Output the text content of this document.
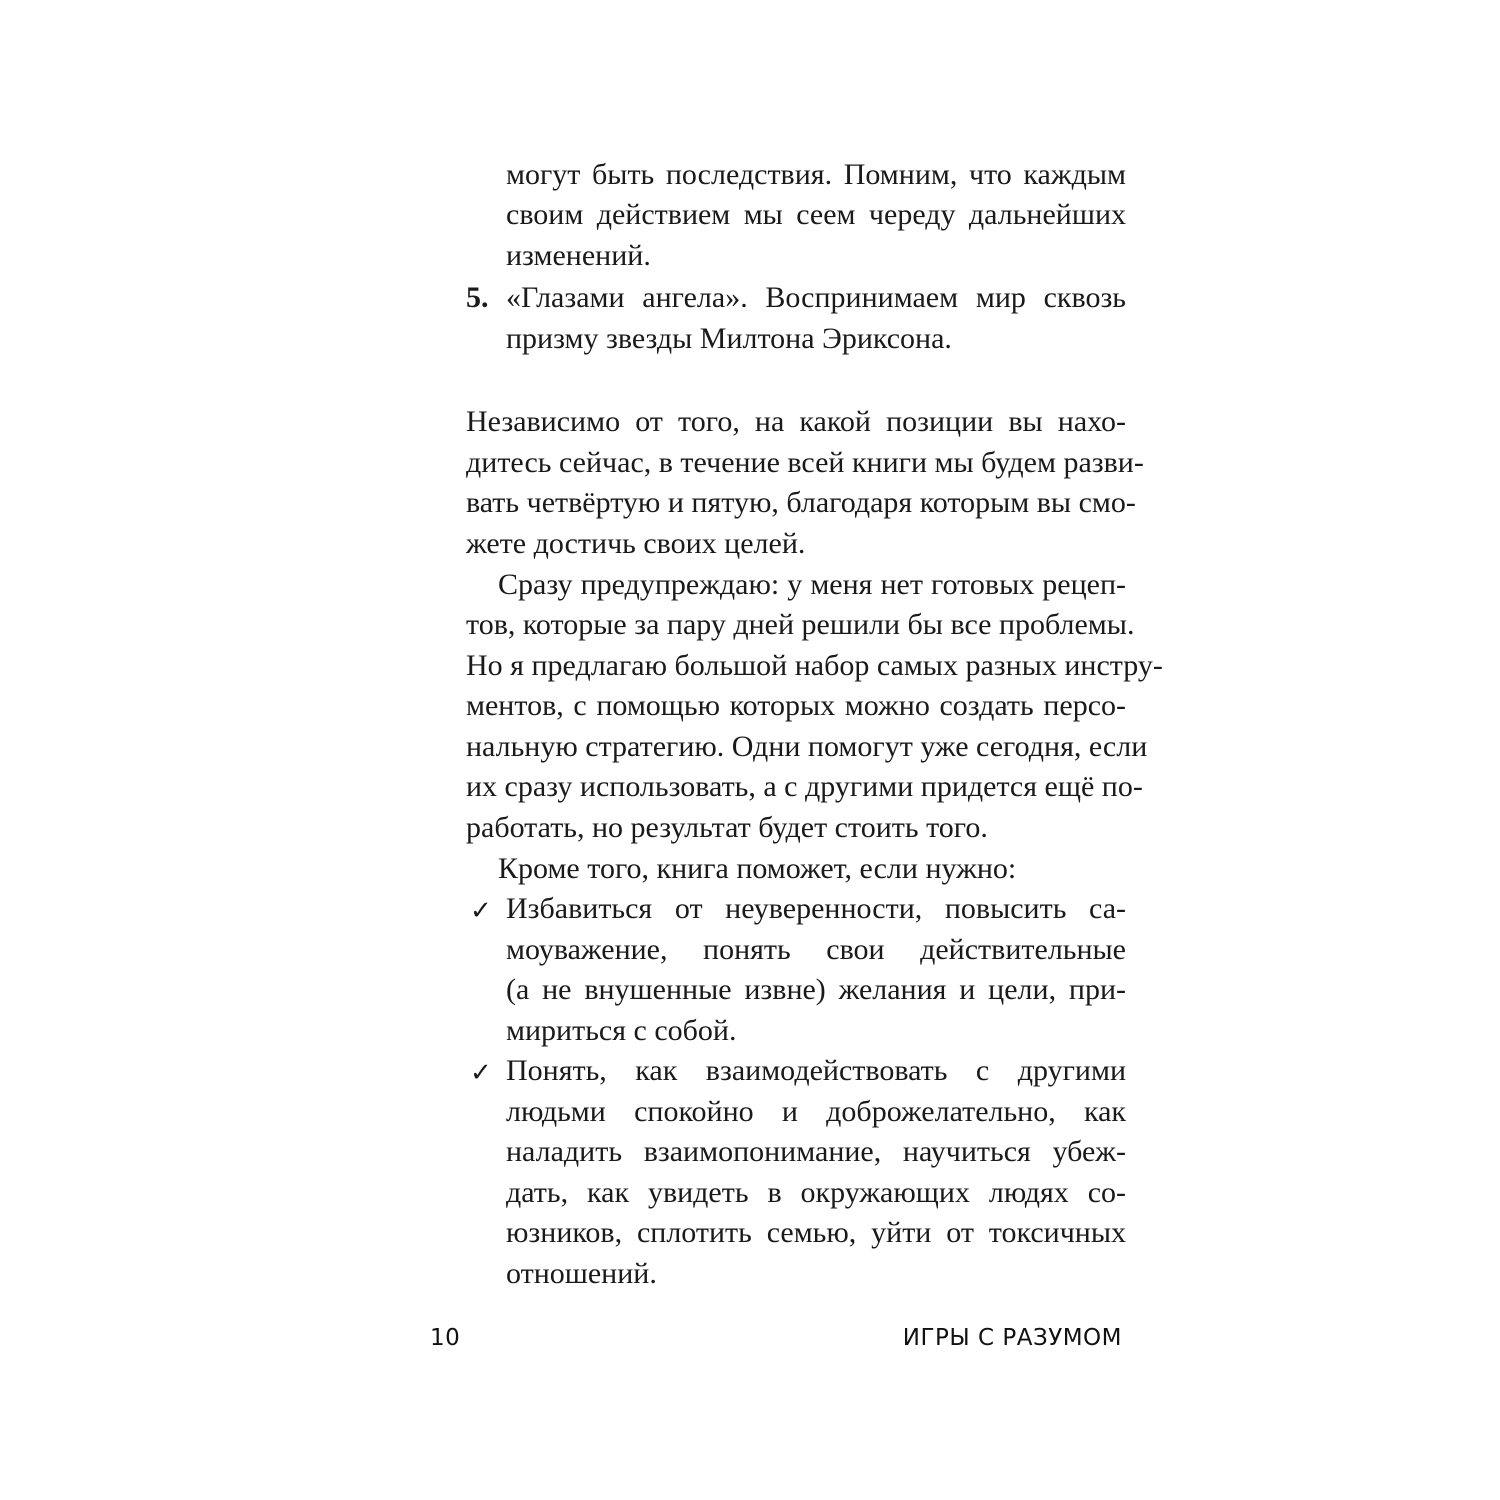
могут быть последствия. Помним, что каждым
своим действием мы сеем череду дальнейших
изменений.
5. «Глазами ангела». Воспринимаем мир сквозь
призму звезды Милтона Эриксона.
Независимо от того, на какой позиции вы нахо-
дитесь сейчас, в течение всей книги мы будем разви-
вать четвёртую и пятую, благодаря которым вы смо-
жете достичь своих целей.
Сразу предупреждаю: у меня нет готовых рецеп-
тов, которые за пару дней решили бы все проблемы.
Но я предлагаю большой набор самых разных инстру-
ментов, с помощью которых можно создать персо-
нальную стратегию. Одни помогут уже сегодня, если
их сразу использовать, а с другими придется ещё по-
работать, но результат будет стоить того.
Кроме того, книга поможет, если нужно:
✓ Избавиться от неуверенности, повысить са-
моуважение, понять свои действительные
(а не внушенные извне) желания и цели, при-
мириться с собой.
✓ Понять, как взаимодействовать с другими
людьми спокойно и доброжелательно, как
наладить взаимопонимание, научиться убеж-
дать, как увидеть в окружающих людях со-
юзников, сплотить семью, уйти от токсичных
отношений.
10	ИГРЫ С РАЗУМОМ
